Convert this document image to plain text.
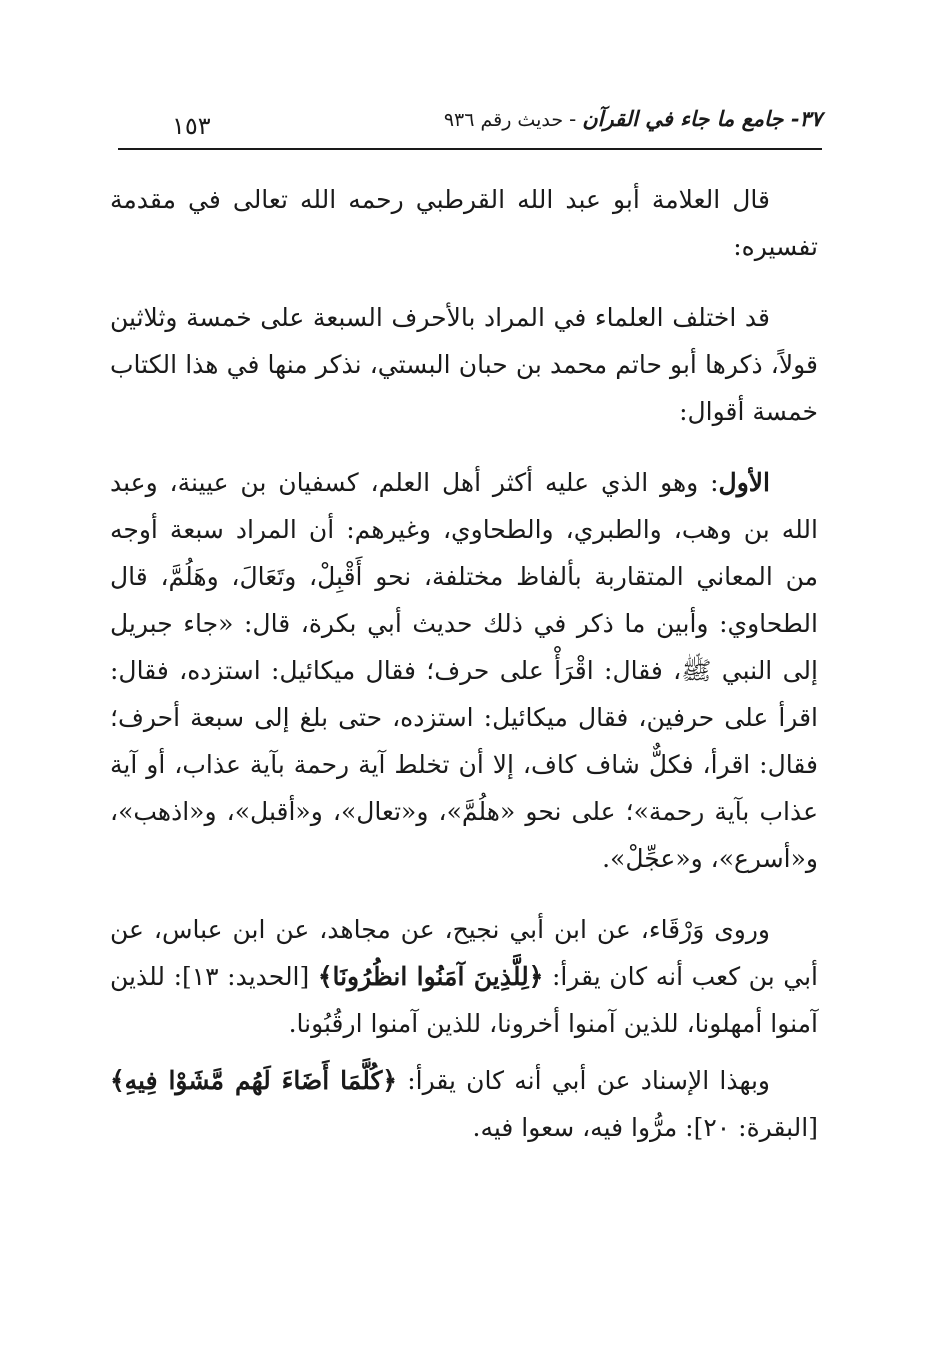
٣٧- جامع ما جاء في القرآن-حديث رقم ٩٣٦
١٥٣

قال العلامة أبو عبد الله القرطبي رحمه الله تعالى في مقدمة تفسيره:

قد اختلف العلماء في المراد بالأحرف السبعة على خمسة وثلاثين قولاً، ذكرها أبو حاتم محمد بن حبان البستي، نذكر منها في هذا الكتاب خمسة أقوال:

الأول: وهو الذي عليه أكثر أهل العلم، كسفيان بن عيينة، وعبد الله بن وهب، والطبري، والطحاوي، وغيرهم: أن المراد سبعة أوجه من المعاني المتقاربة بألفاظ مختلفة، نحو أَقْبِلْ، وتَعَالَ، وهَلُمَّ، قال الطحاوي: وأبين ما ذكر في ذلك حديث أبي بكرة، قال: «جاء جبريل إلى النبي ﷺ، فقال: اقْرَأْ على حرف؛ فقال ميكائيل: استزده، فقال: اقرأ على حرفين، فقال ميكائيل: استزده، حتى بلغ إلى سبعة أحرف؛ فقال: اقرأ، فكلٌّ شاف كاف، إلا أن تخلط آية رحمة بآية عذاب، أو آية عذاب بآية رحمة»؛ على نحو «هلُمَّ»، و«تعال»، و«أقبل»، و«اذهب»، و«أسرع»، و«عجِّلْ».

وروى وَرْقَاء، عن ابن أبي نجيح، عن مجاهد، عن ابن عباس، عن أبي بن كعب أنه كان يقرأ: ﴿لِلَّذِينَ آمَنُوا انظُرُونَا﴾ [الحديد: ١٣]: للذين آمنوا أمهلونا، للذين آمنوا أخرونا، للذين آمنوا ارقُبُونا.

وبهذا الإسناد عن أبي أنه كان يقرأ: ﴿كُلَّمَا أَضَاءَ لَهُم مَّشَوْا فِيهِ﴾ [البقرة: ٢٠]: مرُّوا فيه، سعوا فيه.
